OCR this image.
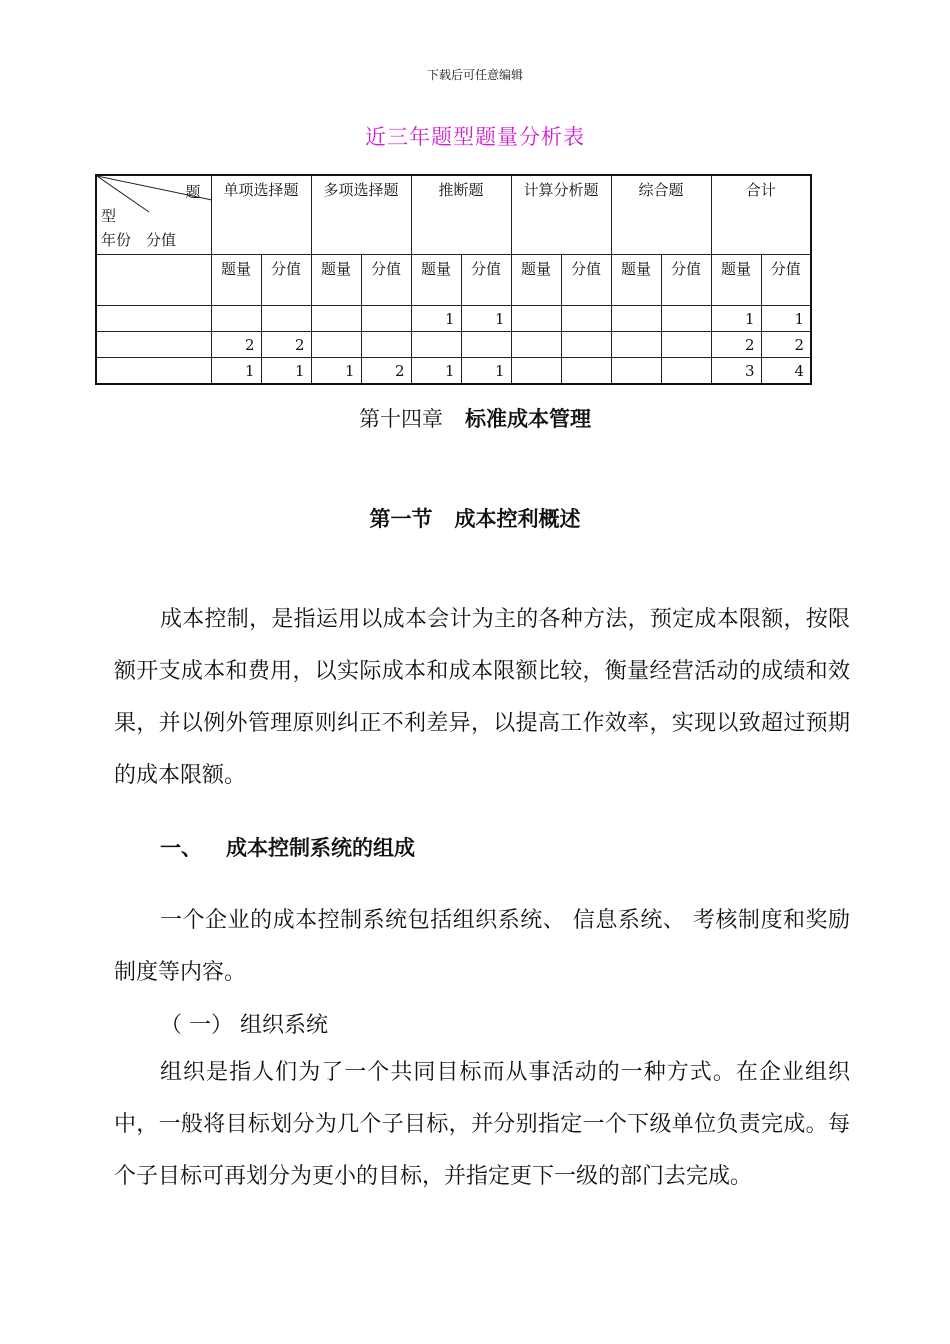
下载后可任意编辑
近三年题型题量分析表
题
型
年份　分值	单项选择题		多项选择题		推断题		计算分析题		综合题		合计	
	题量	分值	题量	分值	题量	分值	题量	分值	题量	分值	题量	分值
					1	1					1	1
	2	2									2	2
	1	1	1	2	1	1					3	4
第十四章 标准成本管理
第一节 成本控利概述

成本控制，是指运用以成本会计为主的各种方法，预定成本限额，按限额开支成本和费用，以实际成本和成本限额比较，衡量经营活动的成绩和效果，并以例外管理原则纠正不利差异，以提高工作效率，实现以致超过预期的成本限额。

一、 成本控制系统的组成

一个企业的成本控制系统包括组织系统、 信息系统、 考核制度和奖励制度等内容。

（ 一） 组织系统

组织是指人们为了一个共同目标而从事活动的一种方式。在企业组织中，一般将目标划分为几个子目标，并分别指定一个下级单位负责完成。每个子目标可再划分为更小的目标，并指定更下一级的部门去完成。
